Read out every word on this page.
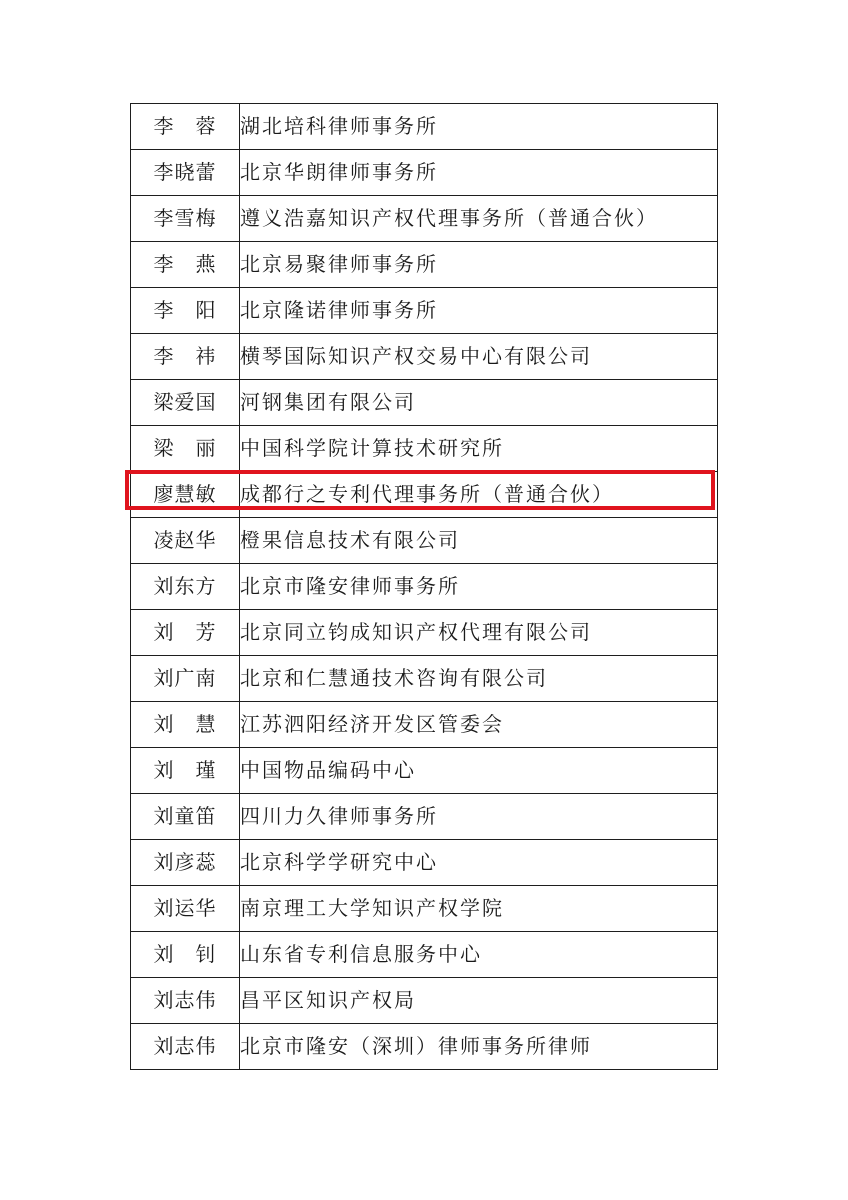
李　蓉	湖北培科律师事务所
李晓蕾	北京华朗律师事务所
李雪梅	遵义浩嘉知识产权代理事务所（普通合伙）
李　燕	北京易聚律师事务所
李　阳	北京隆诺律师事务所
李　祎	横琴国际知识产权交易中心有限公司
梁爱国	河钢集团有限公司
梁　丽	中国科学院计算技术研究所
廖慧敏	成都行之专利代理事务所（普通合伙）
凌赵华	橙果信息技术有限公司
刘东方	北京市隆安律师事务所
刘　芳	北京同立钧成知识产权代理有限公司
刘广南	北京和仁慧通技术咨询有限公司
刘　慧	江苏泗阳经济开发区管委会
刘　瑾	中国物品编码中心
刘童笛	四川力久律师事务所
刘彦蕊	北京科学学研究中心
刘运华	南京理工大学知识产权学院
刘　钊	山东省专利信息服务中心
刘志伟	昌平区知识产权局
刘志伟	北京市隆安（深圳）律师事务所律师
